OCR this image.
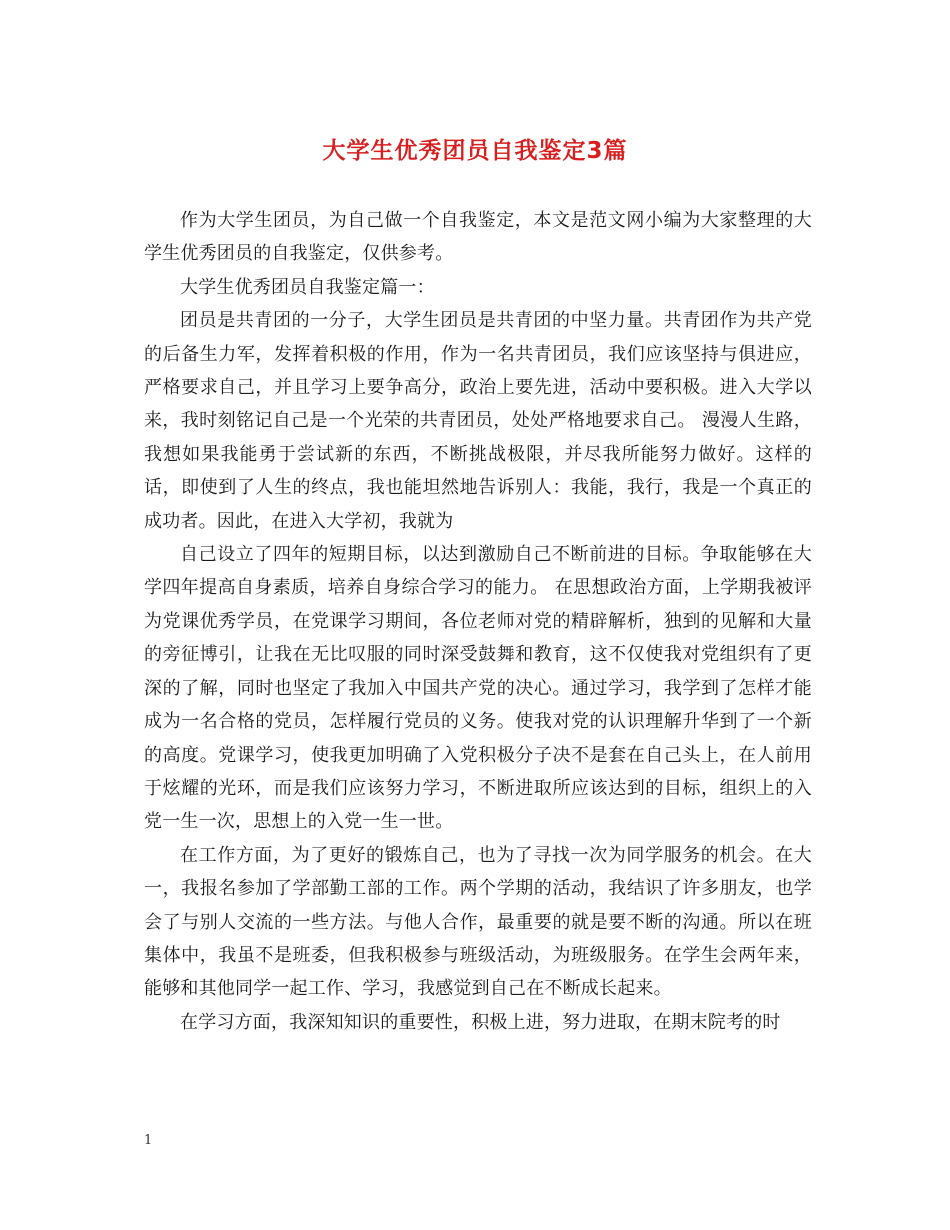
大学生优秀团员自我鉴定3篇

作为大学生团员，为自己做一个自我鉴定，本文是范文网小编为大家整理的大学生优秀团员的自我鉴定，仅供参考。

大学生优秀团员自我鉴定篇一：

团员是共青团的一分子，大学生团员是共青团的中坚力量。共青团作为共产党的后备生力军，发挥着积极的作用，作为一名共青团员，我们应该坚持与俱进应，严格要求自己，并且学习上要争高分，政治上要先进，活动中要积极。进入大学以来，我时刻铭记自己是一个光荣的共青团员，处处严格地要求自己。 漫漫人生路，我想如果我能勇于尝试新的东西，不断挑战极限，并尽我所能努力做好。这样的话，即使到了人生的终点，我也能坦然地告诉别人：我能，我行，我是一个真正的成功者。因此，在进入大学初，我就为

自己设立了四年的短期目标，以达到激励自己不断前进的目标。争取能够在大学四年提高自身素质，培养自身综合学习的能力。 在思想政治方面，上学期我被评为党课优秀学员，在党课学习期间，各位老师对党的精辟解析，独到的见解和大量的旁征博引，让我在无比叹服的同时深受鼓舞和教育，这不仅使我对党组织有了更深的了解，同时也坚定了我加入中国共产党的决心。通过学习，我学到了怎样才能成为一名合格的党员，怎样履行党员的义务。使我对党的认识理解升华到了一个新的高度。党课学习，使我更加明确了入党积极分子决不是套在自己头上，在人前用于炫耀的光环，而是我们应该努力学习，不断进取所应该达到的目标，组织上的入党一生一次，思想上的入党一生一世。

在工作方面，为了更好的锻炼自己，也为了寻找一次为同学服务的机会。在大一，我报名参加了学部勤工部的工作。两个学期的活动，我结识了许多朋友，也学会了与别人交流的一些方法。与他人合作，最重要的就是要不断的沟通。所以在班集体中，我虽不是班委，但我积极参与班级活动，为班级服务。在学生会两年来，能够和其他同学一起工作、学习，我感觉到自己在不断成长起来。

在学习方面，我深知知识的重要性，积极上进，努力进取，在期末院考的时

1
